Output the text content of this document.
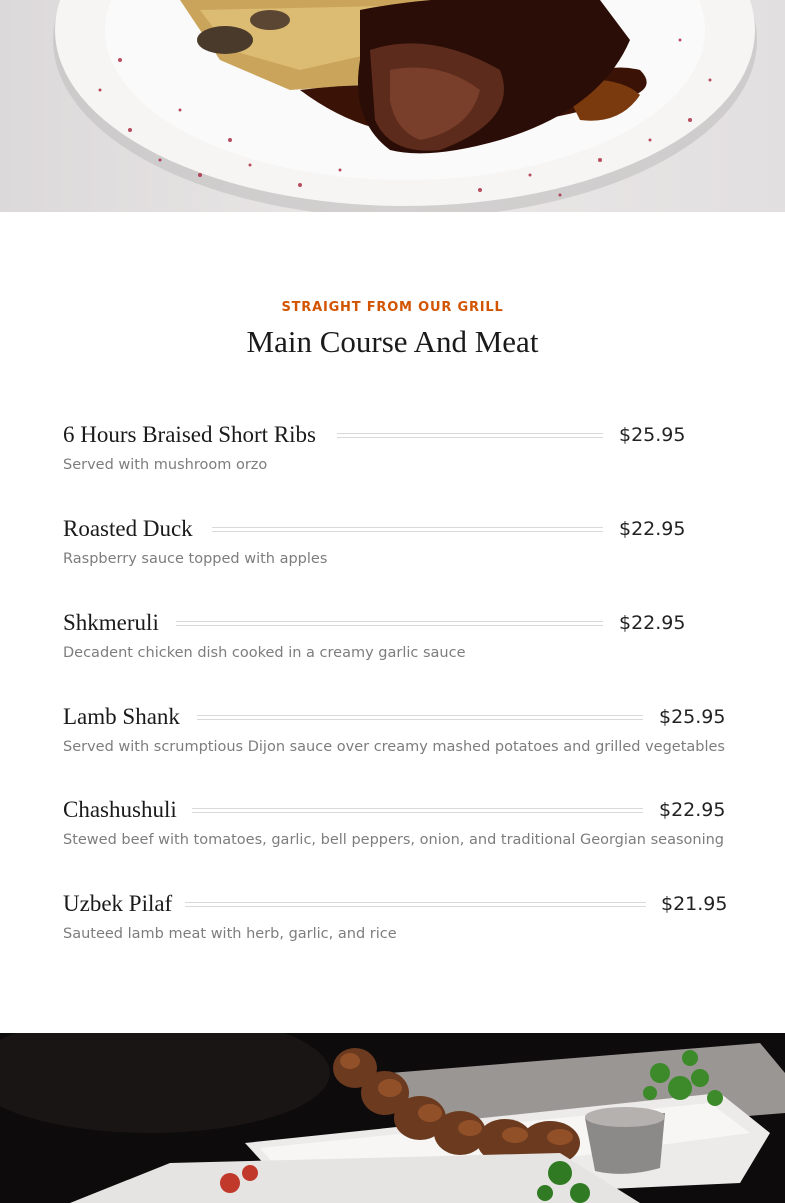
STRAIGHT FROM OUR GRILL
Main Course And Meat
6 Hours Braised Short Ribs	$25.95
Served with mushroom orzo
Roasted Duck	$22.95
Raspberry sauce topped with apples
Shkmeruli	$22.95
Decadent chicken dish cooked in a creamy garlic sauce
Lamb Shank	$25.95
Served with scrumptious Dijon sauce over creamy mashed potatoes and grilled vegetables
Chashushuli	$22.95
Stewed beef with tomatoes, garlic, bell peppers, onion, and traditional Georgian seasoning
Uzbek Pilaf	$21.95
Sauteed lamb meat with herb, garlic, and rice
